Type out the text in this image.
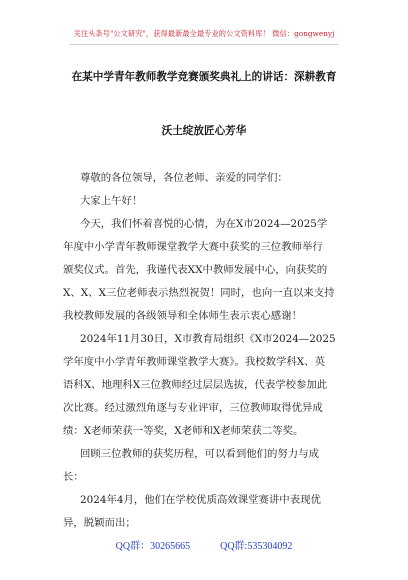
关注头条号"公文研究"，获得最新最全最专业的公文资料库！ 微信：gongwenyj
在某中学青年教师教学竞赛颁奖典礼上的讲话：深耕教育
沃土绽放匠心芳华
尊敬的各位领导，各位老师、亲爱的同学们：
大家上午好！
今天，我们怀着喜悦的心情，为在X市2024—2025学
年度中小学青年教师课堂教学大赛中获奖的三位教师举行
颁奖仪式。首先，我谨代表XX中教师发展中心，向获奖的
X、X、X三位老师表示热烈祝贺！同时，也向一直以来支持
我校教师发展的各级领导和全体师生表示衷心感谢！
2024年11月30日，X市教育局组织《X市2024—2025
学年度中小学青年教师课堂教学大赛》。我校数学科X、英
语科X、地理科X三位教师经过层层选拔，代表学校参加此
次比赛。经过激烈角逐与专业评审，三位教师取得优异成
绩：X老师荣获一等奖，X老师和X老师荣获二等奖。
回顾三位教师的获奖历程，可以看到他们的努力与成
长：
2024年4月，他们在学校优质高效课堂赛讲中表现优
异，脱颖而出；
QQ群：30265665	QQ群:535304092
